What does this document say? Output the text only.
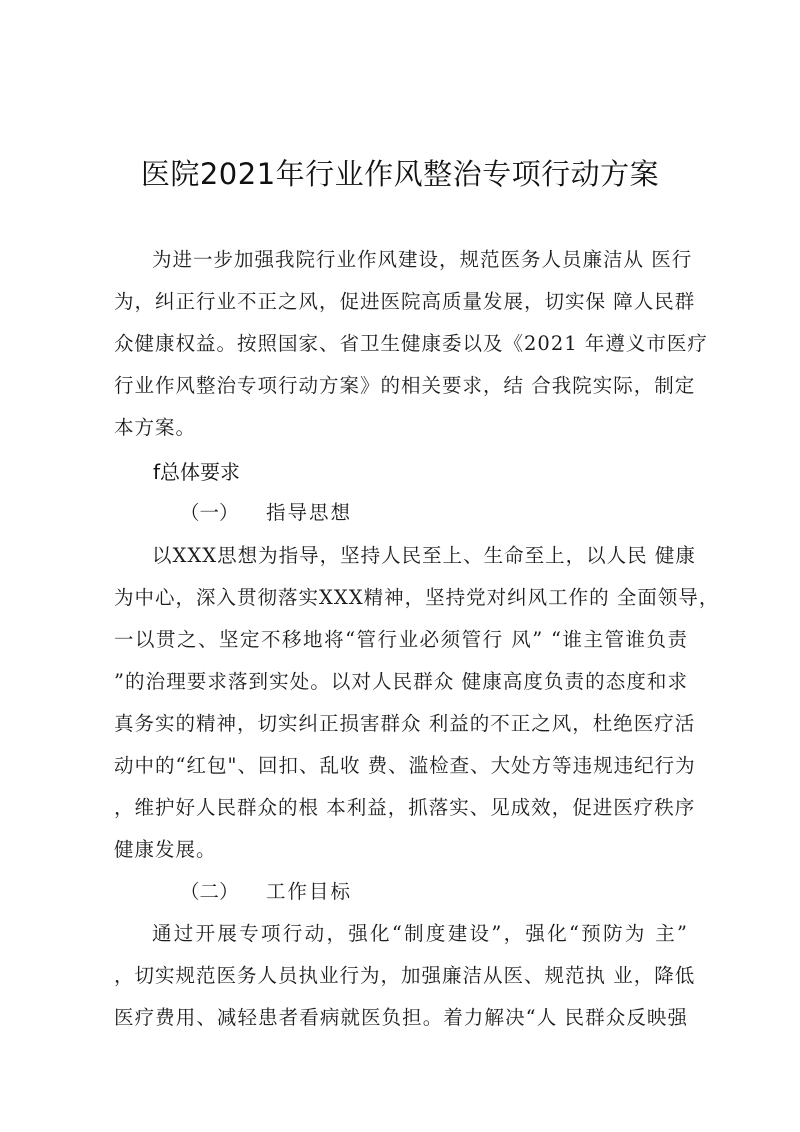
医院2021年行业作风整治专项行动方案
为进一步加强我院行业作风建设，规范医务人员廉洁从 医行
为，纠正行业不正之风，促进医院高质量发展，切实保 障人民群
众健康权益。按照国家、省卫生健康委以及《2021 年遵义市医疗
行业作风整治专项行动方案》的相关要求，结 合我院实际，制定
本方案。
f总体要求
（一） 指导思想
以XXX思想为指导，坚持人民至上、生命至上，以人民 健康
为中心，深入贯彻落实XXX精神，坚持党对纠风工作的 全面领导，
一以贯之、坚定不移地将“管行业必须管行 风” “谁主管谁负责
”的治理要求落到实处。以对人民群众 健康高度负责的态度和求
真务实的精神，切实纠正损害群众 利益的不正之风，杜绝医疗活
动中的“红包"、回扣、乱收 费、滥检查、大处方等违规违纪行为
，维护好人民群众的根 本利益，抓落实、见成效，促进医疗秩序
健康发展。
（二） 工作目标
通过开展专项行动，强化“制度建设”，强化“预防为 主”
，切实规范医务人员执业行为，加强廉洁从医、规范执 业，降低
医疗费用、减轻患者看病就医负担。着力解决“人 民群众反映强
